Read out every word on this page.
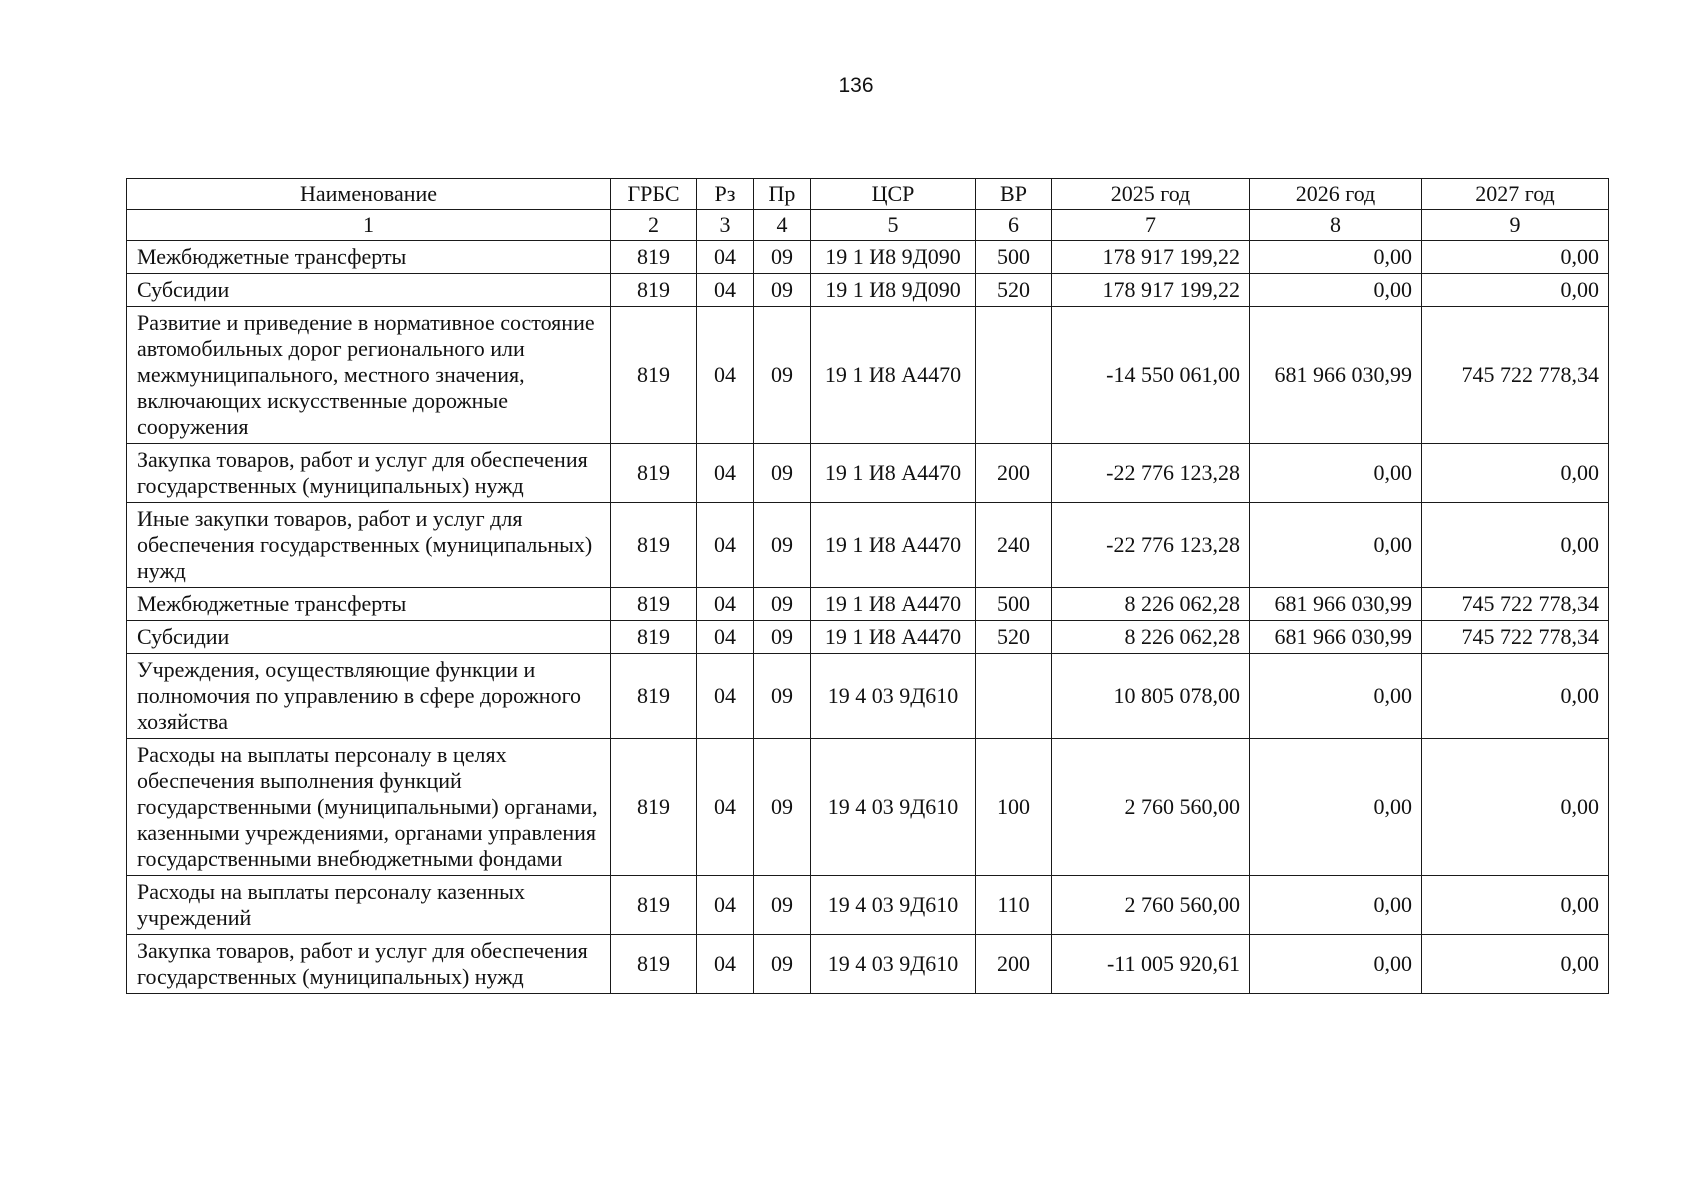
136
Наименование	ГРБС	Рз	Пр	ЦСР	ВР	2025 год	2026 год	2027 год
1	2	3	4	5	6	7	8	9
Межбюджетные трансферты	819	04	09	19 1 И8 9Д090	500	178 917 199,22	0,00	0,00
Субсидии	819	04	09	19 1 И8 9Д090	520	178 917 199,22	0,00	0,00
Развитие и приведение в нормативное состояние автомобильных дорог регионального или межмуниципального, местного значения, включающих искусственные дорожные сооружения	819	04	09	19 1 И8 А4470		-14 550 061,00	681 966 030,99	745 722 778,34
Закупка товаров, работ и услуг для обеспечения государственных (муниципальных) нужд	819	04	09	19 1 И8 А4470	200	-22 776 123,28	0,00	0,00
Иные закупки товаров, работ и услуг для обеспечения государственных (муниципальных) нужд	819	04	09	19 1 И8 А4470	240	-22 776 123,28	0,00	0,00
Межбюджетные трансферты	819	04	09	19 1 И8 А4470	500	8 226 062,28	681 966 030,99	745 722 778,34
Субсидии	819	04	09	19 1 И8 А4470	520	8 226 062,28	681 966 030,99	745 722 778,34
Учреждения, осуществляющие функции и полномочия по управлению в сфере дорожного хозяйства	819	04	09	19 4 03 9Д610		10 805 078,00	0,00	0,00
Расходы на выплаты персоналу в целях обеспечения выполнения функций государственными (муниципальными) органами, казенными учреждениями, органами управления государственными внебюджетными фондами	819	04	09	19 4 03 9Д610	100	2 760 560,00	0,00	0,00
Расходы на выплаты персоналу казенных учреждений	819	04	09	19 4 03 9Д610	110	2 760 560,00	0,00	0,00
Закупка товаров, работ и услуг для обеспечения государственных (муниципальных) нужд	819	04	09	19 4 03 9Д610	200	-11 005 920,61	0,00	0,00
